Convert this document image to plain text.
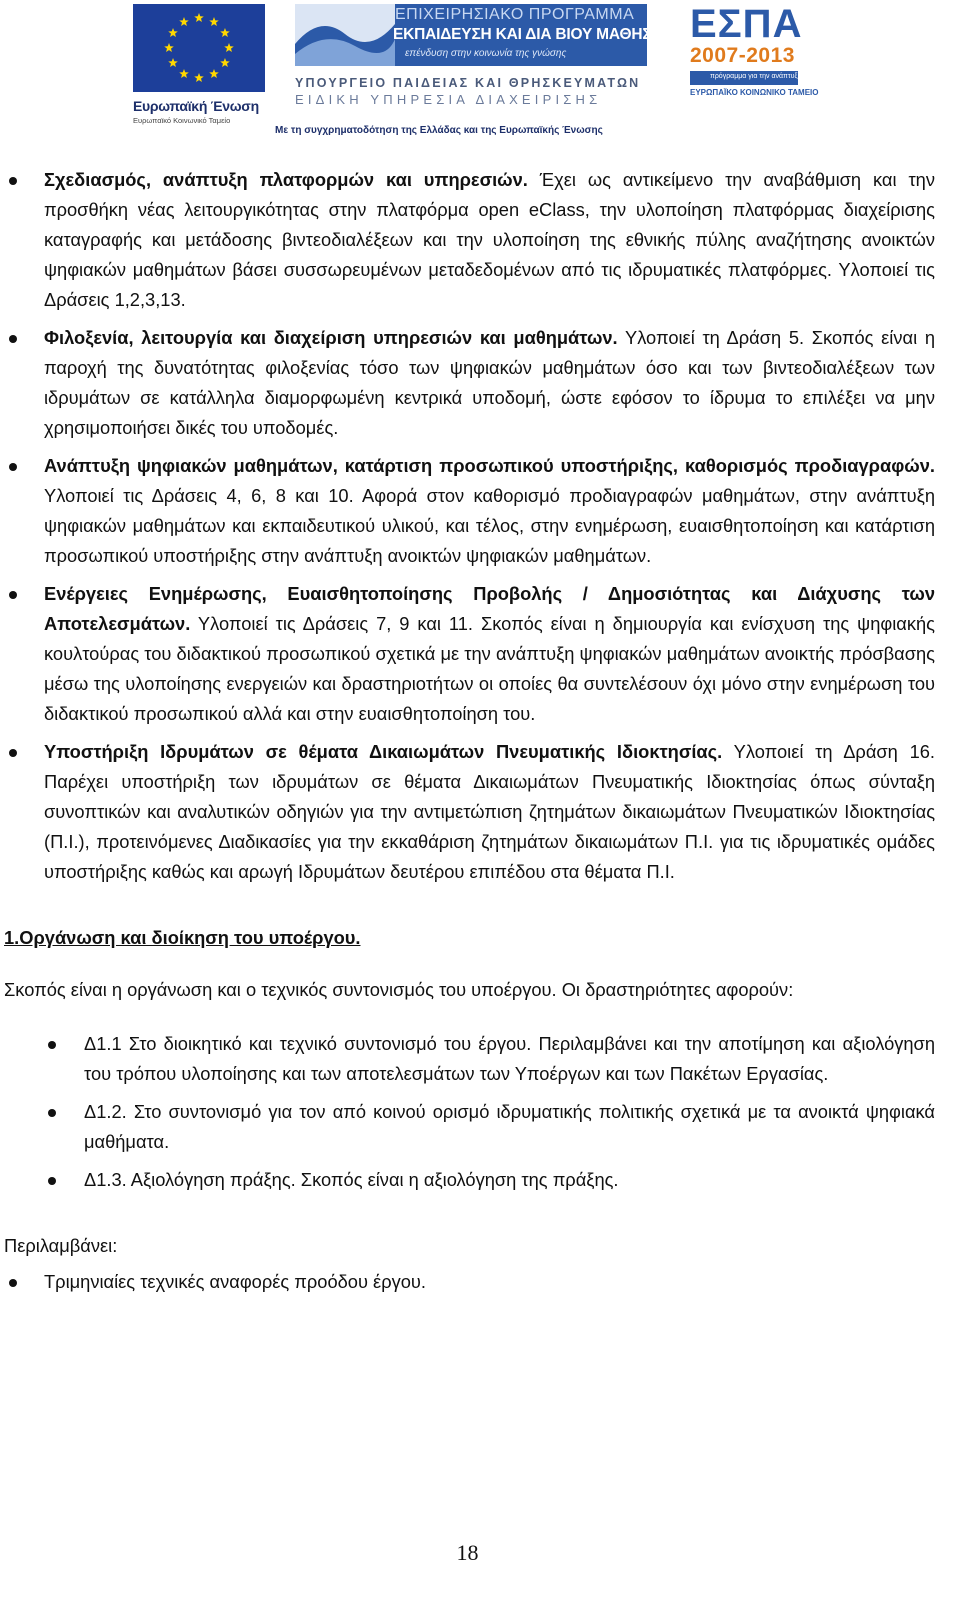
Ευρωπαϊκή Ένωση
Ευρωπαϊκό Κοινωνικό Ταμείο
ΕΠΙΧΕΙΡΗΣΙΑΚΟ ΠΡΟΓΡΑΜΜΑ
ΕΚΠΑΙΔΕΥΣΗ ΚΑΙ ΔΙΑ ΒΙΟΥ ΜΑΘΗΣΗ
επένδυση στην κοινωνία της γνώσης
ΥΠΟΥΡΓΕΙΟ ΠΑΙΔΕΙΑΣ ΚΑΙ ΘΡΗΣΚΕΥΜΑΤΩΝ
ΕΙΔΙΚΗ ΥΠΗΡΕΣΙΑ ΔΙΑΧΕΙΡΙΣΗΣ
Με τη συγχρηματοδότηση της Ελλάδας και της Ευρωπαϊκής Ένωσης
ΕΣΠΑ
2007-2013
πρόγραμμα για την ανάπτυξη
ΕΥΡΩΠΑΪΚΟ ΚΟΙΝΩΝΙΚΟ ΤΑΜΕΙΟ

Σχεδιασμός, ανάπτυξη πλατφορμών και υπηρεσιών. Έχει ως αντικείμενο την αναβάθμιση και την προσθήκη νέας λειτουργικότητας στην πλατφόρμα open eClass, την υλοποίηση πλατφόρμας διαχείρισης καταγραφής και μετάδοσης βιντεοδιαλέξεων και την υλοποίηση της εθνικής πύλης αναζήτησης ανοικτών ψηφιακών μαθημάτων βάσει συσσωρευμένων μεταδεδομένων από τις ιδρυματικές πλατφόρμες. Υλοποιεί τις Δράσεις 1,2,3,13.

Φιλοξενία, λειτουργία και διαχείριση υπηρεσιών και μαθημάτων. Υλοποιεί τη Δράση 5. Σκοπός είναι η παροχή της δυνατότητας φιλοξενίας τόσο των ψηφιακών μαθημάτων όσο και των βιντεοδιαλέξεων των ιδρυμάτων σε κατάλληλα διαμορφωμένη κεντρικά υποδομή, ώστε εφόσον το ίδρυμα το επιλέξει να μην χρησιμοποιήσει δικές του υποδομές.

Ανάπτυξη ψηφιακών μαθημάτων, κατάρτιση προσωπικού υποστήριξης, καθορισμός προδιαγραφών. Υλοποιεί τις Δράσεις 4, 6, 8 και 10. Αφορά στον καθορισμό προδιαγραφών μαθημάτων, στην ανάπτυξη ψηφιακών μαθημάτων και εκπαιδευτικού υλικού, και τέλος, στην ενημέρωση, ευαισθητοποίηση και κατάρτιση προσωπικού υποστήριξης στην ανάπτυξη ανοικτών ψηφιακών μαθημάτων.

Ενέργειες Ενημέρωσης, Ευαισθητοποίησης Προβολής / Δημοσιότητας και Διάχυσης των Αποτελεσμάτων. Υλοποιεί τις Δράσεις 7, 9 και 11. Σκοπός είναι η δημιουργία και ενίσχυση της ψηφιακής κουλτούρας του διδακτικού προσωπικού σχετικά με την ανάπτυξη ψηφιακών μαθημάτων ανοικτής πρόσβασης μέσω της υλοποίησης ενεργειών και δραστηριοτήτων οι οποίες θα συντελέσουν όχι μόνο στην ενημέρωση του διδακτικού προσωπικού αλλά και στην ευαισθητοποίηση του.

Υποστήριξη Ιδρυμάτων σε θέματα Δικαιωμάτων Πνευματικής Ιδιοκτησίας. Υλοποιεί τη Δράση 16. Παρέχει υποστήριξη των ιδρυμάτων σε θέματα Δικαιωμάτων Πνευματικής Ιδιοκτησίας όπως σύνταξη συνοπτικών και αναλυτικών οδηγιών για την αντιμετώπιση ζητημάτων δικαιωμάτων Πνευματικών Ιδιοκτησίας (Π.Ι.), προτεινόμενες Διαδικασίες για την εκκαθάριση ζητημάτων δικαιωμάτων Π.Ι. για τις ιδρυματικές ομάδες υποστήριξης καθώς και αρωγή Ιδρυμάτων δευτέρου επιπέδου στα θέματα Π.Ι.

1.Οργάνωση και διοίκηση του υποέργου.

Σκοπός είναι η οργάνωση και ο τεχνικός συντονισμός του υποέργου. Οι δραστηριότητες αφορούν:

Δ1.1 Στο διοικητικό και τεχνικό συντονισμό του έργου. Περιλαμβάνει και την αποτίμηση και αξιολόγηση του τρόπου υλοποίησης και των αποτελεσμάτων των Υποέργων και των Πακέτων Εργασίας.

Δ1.2. Στο συντονισμό για τον από κοινού ορισμό ιδρυματικής πολιτικής σχετικά με τα ανοικτά ψηφιακά μαθήματα.

Δ1.3. Αξιολόγηση πράξης. Σκοπός είναι η αξιολόγηση της πράξης.

Περιλαμβάνει:

Τριμηνιαίες τεχνικές αναφορές προόδου έργου.

18
